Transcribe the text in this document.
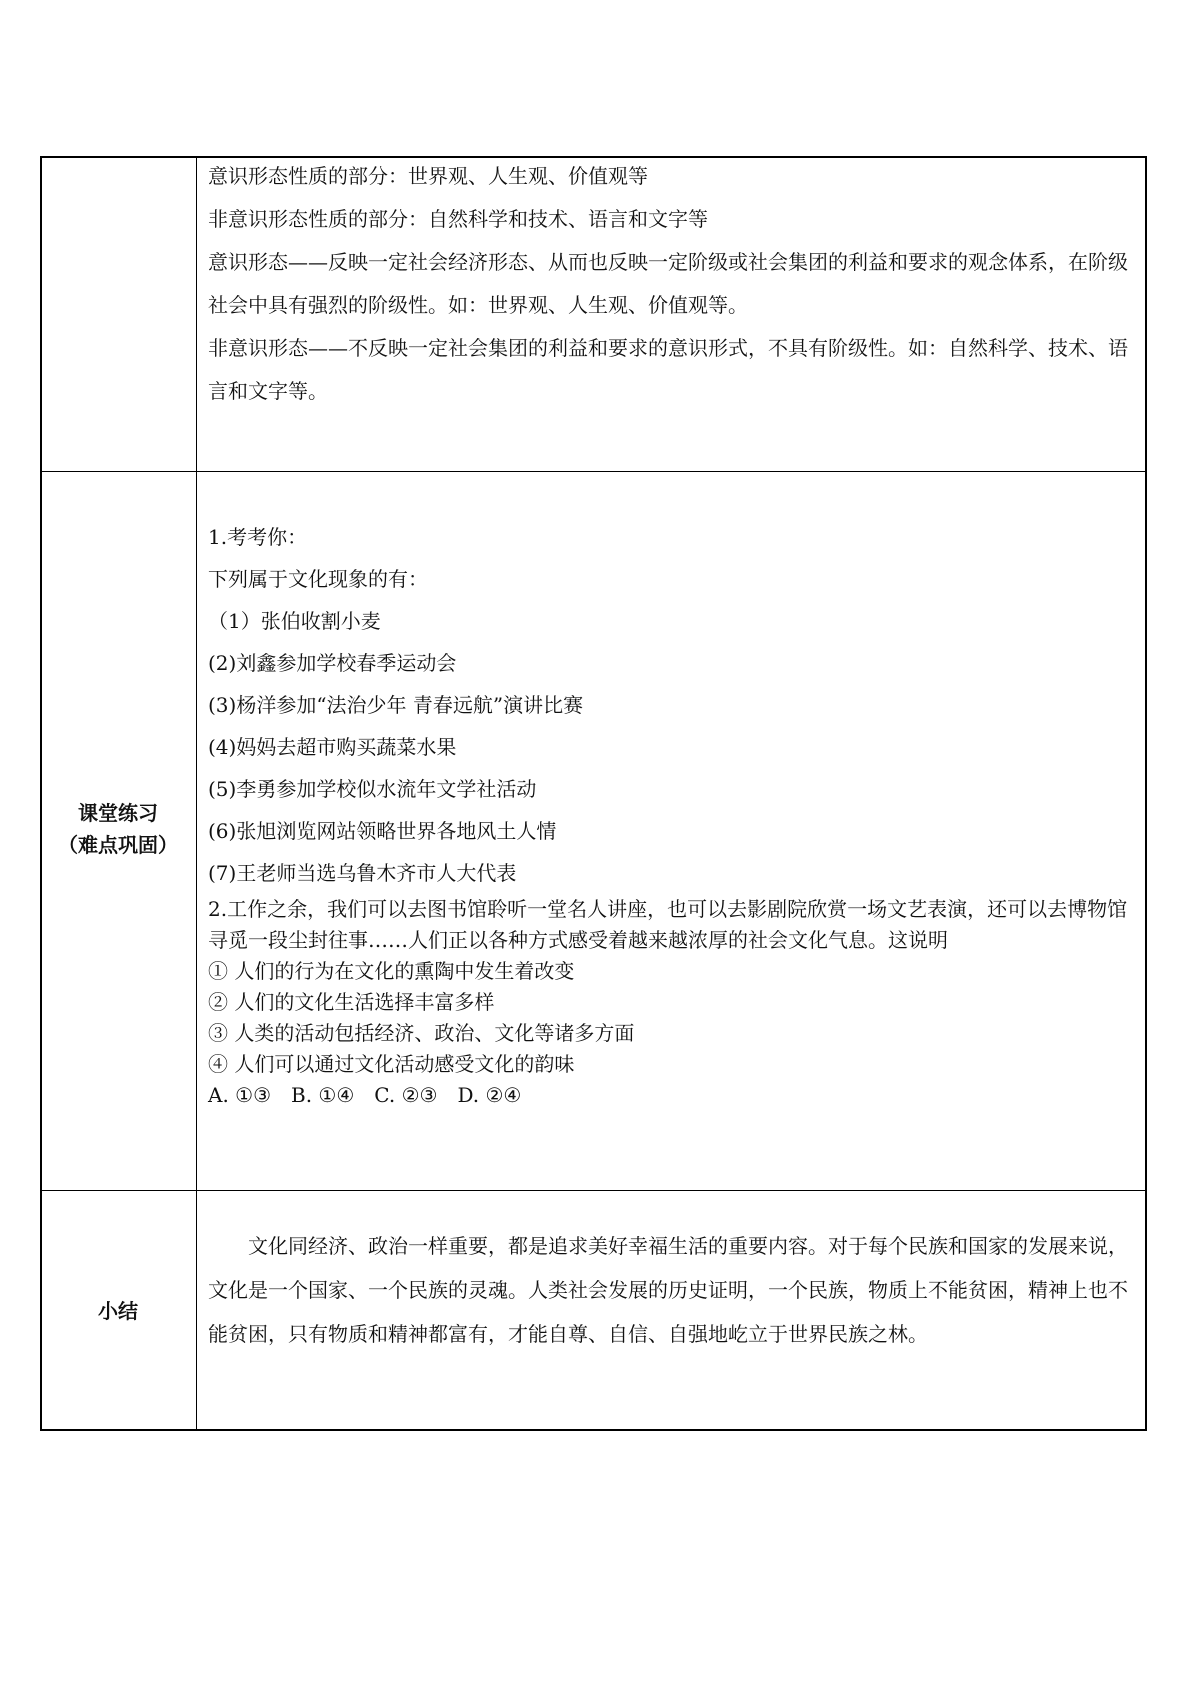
意识形态性质的部分：世界观、人生观、价值观等

非意识形态性质的部分：自然科学和技术、语言和文字等

意识形态——反映一定社会经济形态、从而也反映一定阶级或社会集团的利益和要求的观念体系，在阶级社会中具有强烈的阶级性。如：世界观、人生观、价值观等。

非意识形态——不反映一定社会集团的利益和要求的意识形式，不具有阶级性。如：自然科学、技术、语言和文字等。

课堂练习
（难点巩固）

1.考考你：

下列属于文化现象的有：

（1）张伯收割小麦

(2)刘鑫参加学校春季运动会

(3)杨洋参加“法治少年 青春远航”演讲比赛

(4)妈妈去超市购买蔬菜水果

(5)李勇参加学校似水流年文学社活动

(6)张旭浏览网站领略世界各地风土人情

(7)王老师当选乌鲁木齐市人大代表

2.工作之余，我们可以去图书馆聆听一堂名人讲座，也可以去影剧院欣赏一场文艺表演，还可以去博物馆寻觅一段尘封往事……人们正以各种方式感受着越来越浓厚的社会文化气息。这说明

① 人们的行为在文化的熏陶中发生着改变

② 人们的文化生活选择丰富多样

③ 人类的活动包括经济、政治、文化等诸多方面

④ 人们可以通过文化活动感受文化的韵味

A. ①③　B. ①④　C. ②③　D. ②④

小结

文化同经济、政治一样重要，都是追求美好幸福生活的重要内容。对于每个民族和国家的发展来说，文化是一个国家、一个民族的灵魂。人类社会发展的历史证明，一个民族，物质上不能贫困，精神上也不能贫困，只有物质和精神都富有，才能自尊、自信、自强地屹立于世界民族之林。
